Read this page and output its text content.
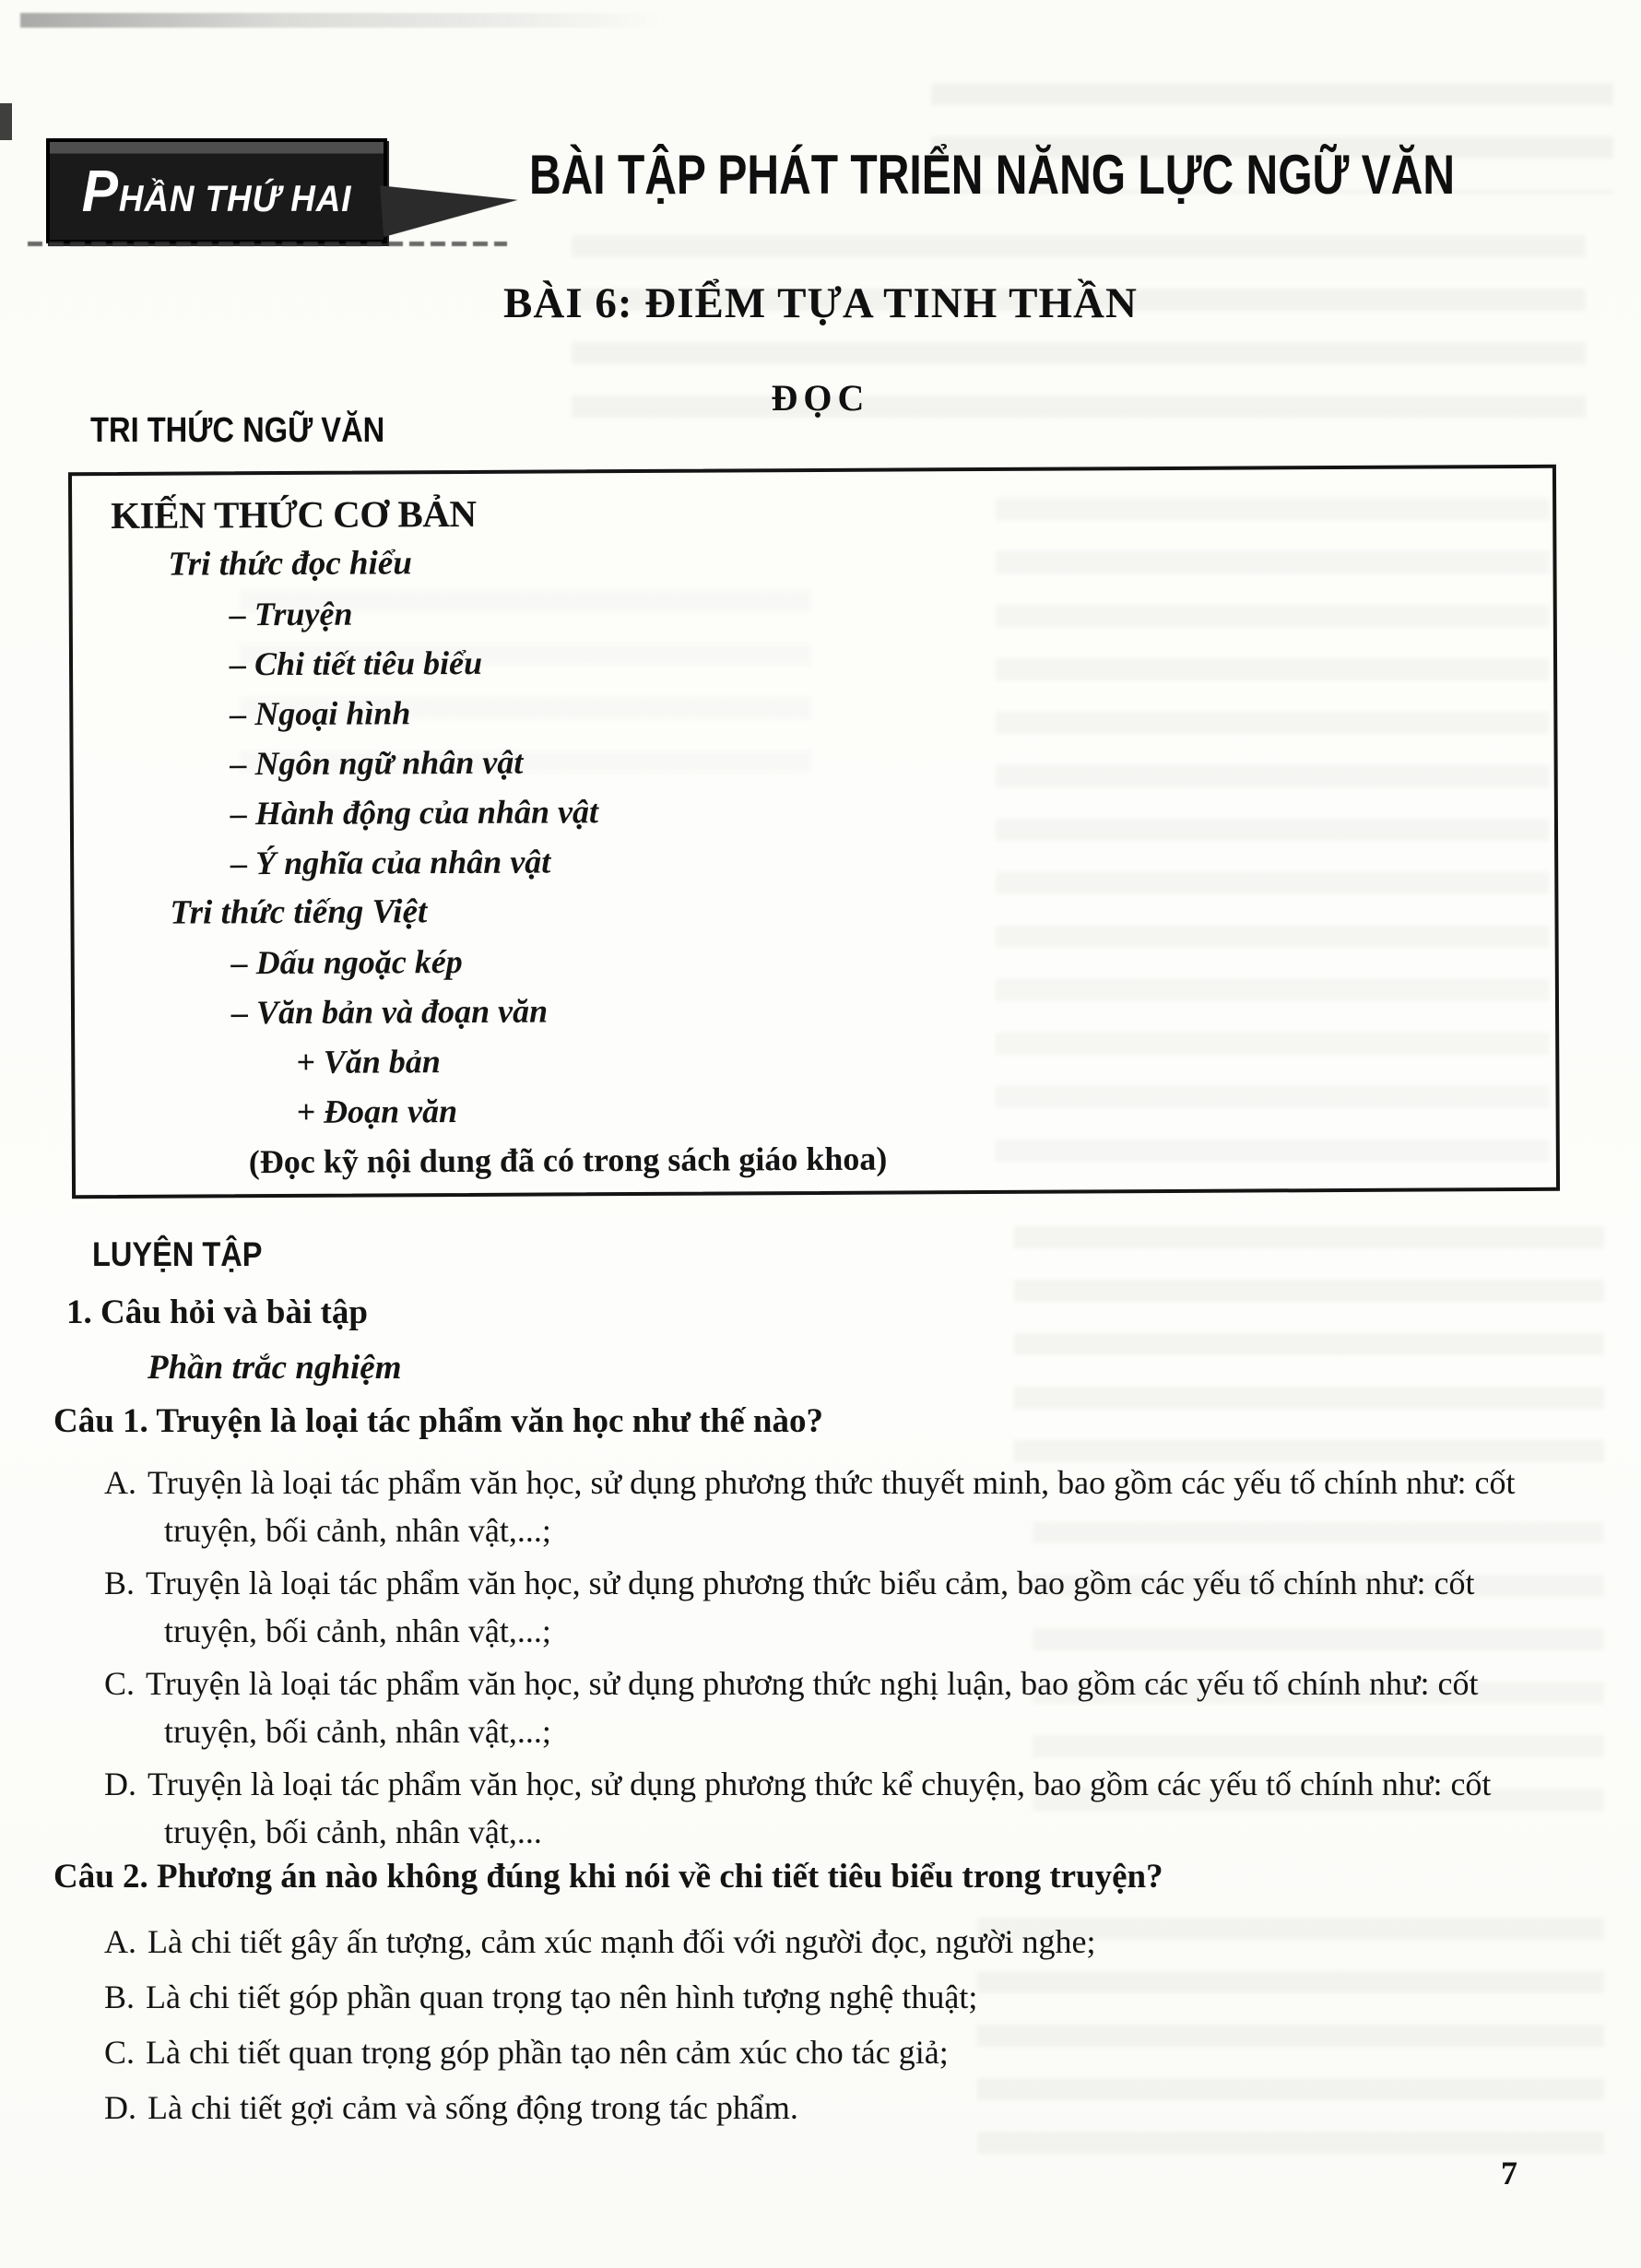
PHẦN THỨ HAI	BÀI TẬP PHÁT TRIỂN NĂNG LỰC NGỮ VĂN
BÀI 6: ĐIỂM TỰA TINH THẦN
ĐỌC
TRI THỨC NGỮ VĂN
KIẾN THỨC CƠ BẢN
Tri thức đọc hiểu
– Truyện
– Chi tiết tiêu biểu
– Ngoại hình
– Ngôn ngữ nhân vật
– Hành động của nhân vật
– Ý nghĩa của nhân vật
Tri thức tiếng Việt
– Dấu ngoặc kép
– Văn bản và đoạn văn
+ Văn bản
+ Đoạn văn
(Đọc kỹ nội dung đã có trong sách giáo khoa)
LUYỆN TẬP
1. Câu hỏi và bài tập
Phần trắc nghiệm
Câu 1. Truyện là loại tác phẩm văn học như thế nào?
A. Truyện là loại tác phẩm văn học, sử dụng phương thức thuyết minh, bao gồm các yếu tố chính như: cốt truyện, bối cảnh, nhân vật,...;
B. Truyện là loại tác phẩm văn học, sử dụng phương thức biểu cảm, bao gồm các yếu tố chính như: cốt truyện, bối cảnh, nhân vật,...;
C. Truyện là loại tác phẩm văn học, sử dụng phương thức nghị luận, bao gồm các yếu tố chính như: cốt truyện, bối cảnh, nhân vật,...;
D. Truyện là loại tác phẩm văn học, sử dụng phương thức kể chuyện, bao gồm các yếu tố chính như: cốt truyện, bối cảnh, nhân vật,...
Câu 2. Phương án nào không đúng khi nói về chi tiết tiêu biểu trong truyện?
A. Là chi tiết gây ấn tượng, cảm xúc mạnh đối với người đọc, người nghe;
B. Là chi tiết góp phần quan trọng tạo nên hình tượng nghệ thuật;
C. Là chi tiết quan trọng góp phần tạo nên cảm xúc cho tác giả;
D. Là chi tiết gợi cảm và sống động trong tác phẩm.
7
